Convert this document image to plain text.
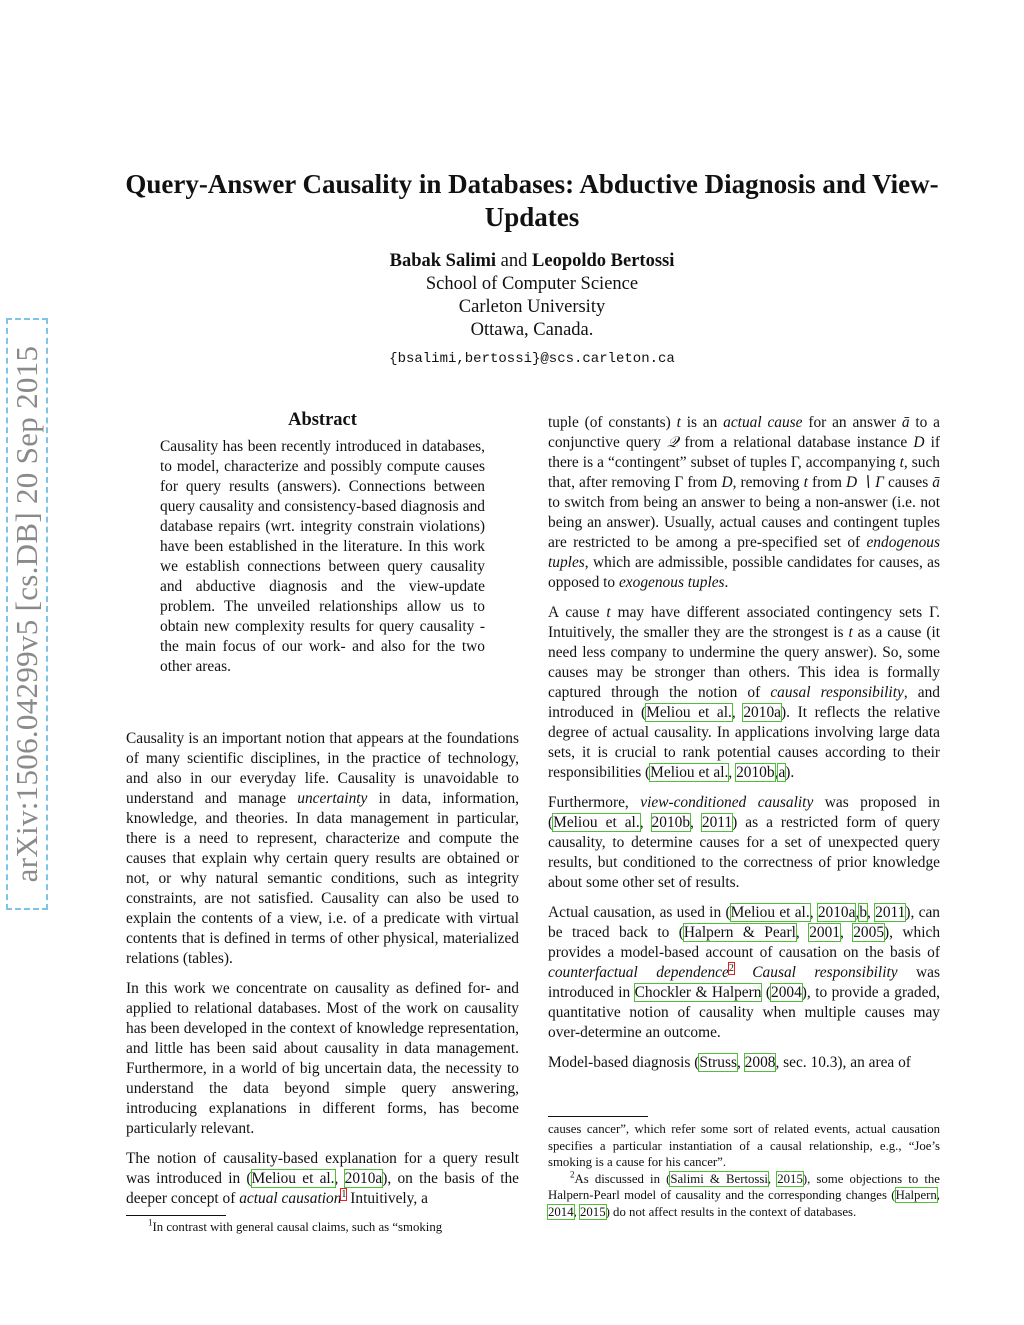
arXiv:1506.04299v5 [cs.DB] 20 Sep 2015
Query-Answer Causality in Databases: Abductive Diagnosis and View-Updates
Babak Salimi and Leopoldo Bertossi
School of Computer Science
Carleton University
Ottawa, Canada.
{bsalimi,bertossi}@scs.carleton.ca
Abstract

Causality has been recently introduced in databases, to model, characterize and possibly compute causes for query results (answers). Connections between query causality and consistency-based diagnosis and database repairs (wrt. integrity constrain violations) have been established in the literature. In this work we establish connections between query causality and abductive diagnosis and the view-update problem. The unveiled relationships allow us to obtain new complexity results for query causality -the main focus of our work- and also for the two other areas.

Causality is an important notion that appears at the foundations of many scientific disciplines, in the practice of technology, and also in our everyday life. Causality is unavoidable to understand and manage uncertainty in data, information, knowledge, and theories. In data management in particular, there is a need to represent, characterize and compute the causes that explain why certain query results are obtained or not, or why natural semantic conditions, such as integrity constraints, are not satisfied. Causality can also be used to explain the contents of a view, i.e. of a predicate with virtual contents that is defined in terms of other physical, materialized relations (tables).

In this work we concentrate on causality as defined for- and applied to relational databases. Most of the work on causality has been developed in the context of knowledge representation, and little has been said about causality in data management. Furthermore, in a world of big uncertain data, the necessity to understand the data beyond simple query answering, introducing explanations in different forms, has become particularly relevant.

The notion of causality-based explanation for a query result was introduced in (Meliou et al., 2010a), on the basis of the deeper concept of actual causation$^1$ Intuitively, a

$^1$In contrast with general causal claims, such as “smoking

tuple (of constants) t is an actual cause for an answer ā to a conjunctive query 𝒬 from a relational database instance D if there is a “contingent” subset of tuples Γ, accompanying t, such that, after removing Γ from D, removing t from D ∖ Γ causes ā to switch from being an answer to being a non-answer (i.e. not being an answer). Usually, actual causes and contingent tuples are restricted to be among a pre-specified set of endogenous tuples, which are admissible, possible candidates for causes, as opposed to exogenous tuples.

A cause t may have different associated contingency sets Γ. Intuitively, the smaller they are the strongest is t as a cause (it need less company to undermine the query answer). So, some causes may be stronger than others. This idea is formally captured through the notion of causal responsibility, and introduced in (Meliou et al., 2010a). It reflects the relative degree of actual causality. In applications involving large data sets, it is crucial to rank potential causes according to their responsibilities (Meliou et al., 2010b,a).

Furthermore, view-conditioned causality was proposed in (Meliou et al., 2010b, 2011) as a restricted form of query causality, to determine causes for a set of unexpected query results, but conditioned to the correctness of prior knowledge about some other set of results.

Actual causation, as used in (Meliou et al., 2010a,b, 2011), can be traced back to (Halpern & Pearl, 2001, 2005), which provides a model-based account of causation on the basis of counterfactual dependence$^2$ Causal responsibility was introduced in Chockler & Halpern (2004), to provide a graded, quantitative notion of causality when multiple causes may over-determine an outcome.

Model-based diagnosis (Struss, 2008, sec. 10.3), an area of

causes cancer”, which refer some sort of related events, actual causation specifies a particular instantiation of a causal relationship, e.g., “Joe’s smoking is a cause for his cancer”.

$^2$As discussed in (Salimi & Bertossi, 2015), some objections to the Halpern-Pearl model of causality and the corresponding changes (Halpern, 2014, 2015) do not affect results in the context of databases.
